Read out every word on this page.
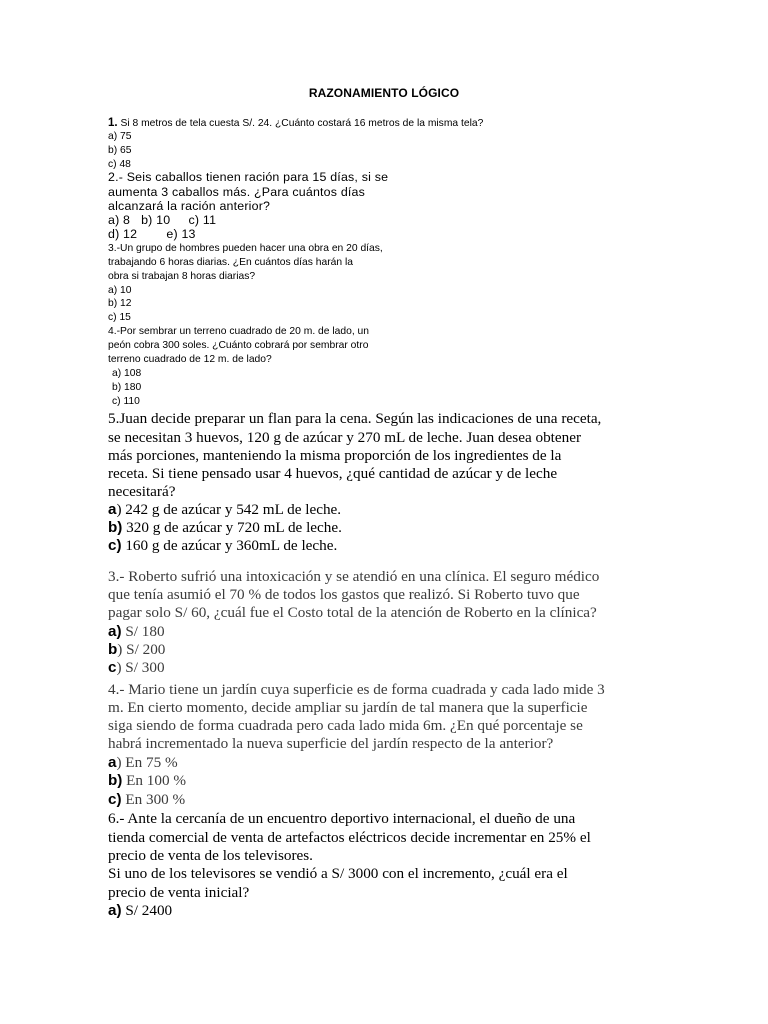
RAZONAMIENTO LÓGICO
1. Si 8 metros de tela cuesta S/. 24. ¿Cuánto costará 16 metros de la misma tela?
a) 75
b) 65
c) 48
2.- Seis caballos tienen ración para 15 días, si se
aumenta 3 caballos más. ¿Para cuántos días
alcanzará la ración anterior?
a) 8   b) 10     c) 11
d) 12        e) 13
3.-Un grupo de hombres pueden hacer una obra en 20 días,
trabajando 6 horas diarias. ¿En cuántos días harán la
obra si trabajan 8 horas diarias?
a) 10
b) 12
c) 15
4.-Por sembrar un terreno cuadrado de 20 m. de lado, un
peón cobra 300 soles. ¿Cuánto cobrará por sembrar otro
terreno cuadrado de 12 m. de lado?
a) 108
b) 180
c) 110
5.Juan decide preparar un flan para la cena. Según las indicaciones de una receta,
se necesitan 3 huevos, 120 g de azúcar y 270 mL de leche. Juan desea obtener
más porciones, manteniendo la misma proporción de los ingredientes de la
receta. Si tiene pensado usar 4 huevos, ¿qué cantidad de azúcar y de leche
necesitará?
a) 242 g de azúcar y 542 mL de leche.
b) 320 g de azúcar y 720 mL de leche.
c) 160 g de azúcar y 360mL de leche.
3.- Roberto sufrió una intoxicación y se atendió en una clínica. El seguro médico
que tenía asumió el 70 % de todos los gastos que realizó. Si Roberto tuvo que
pagar solo S/ 60, ¿cuál fue el Costo total de la atención de Roberto en la clínica?
a) S/ 180
b) S/ 200
c) S/ 300
4.- Mario tiene un jardín cuya superficie es de forma cuadrada y cada lado mide 3
m. En cierto momento, decide ampliar su jardín de tal manera que la superficie
siga siendo de forma cuadrada pero cada lado mida 6m. ¿En qué porcentaje se
habrá incrementado la nueva superficie del jardín respecto de la anterior?
a) En 75 %
b) En 100 %
c) En 300 %
6.- Ante la cercanía de un encuentro deportivo internacional, el dueño de una
tienda comercial de venta de artefactos eléctricos decide incrementar en 25% el
precio de venta de los televisores.
Si uno de los televisores se vendió a S/ 3000 con el incremento, ¿cuál era el
precio de venta inicial?
a) S/ 2400
